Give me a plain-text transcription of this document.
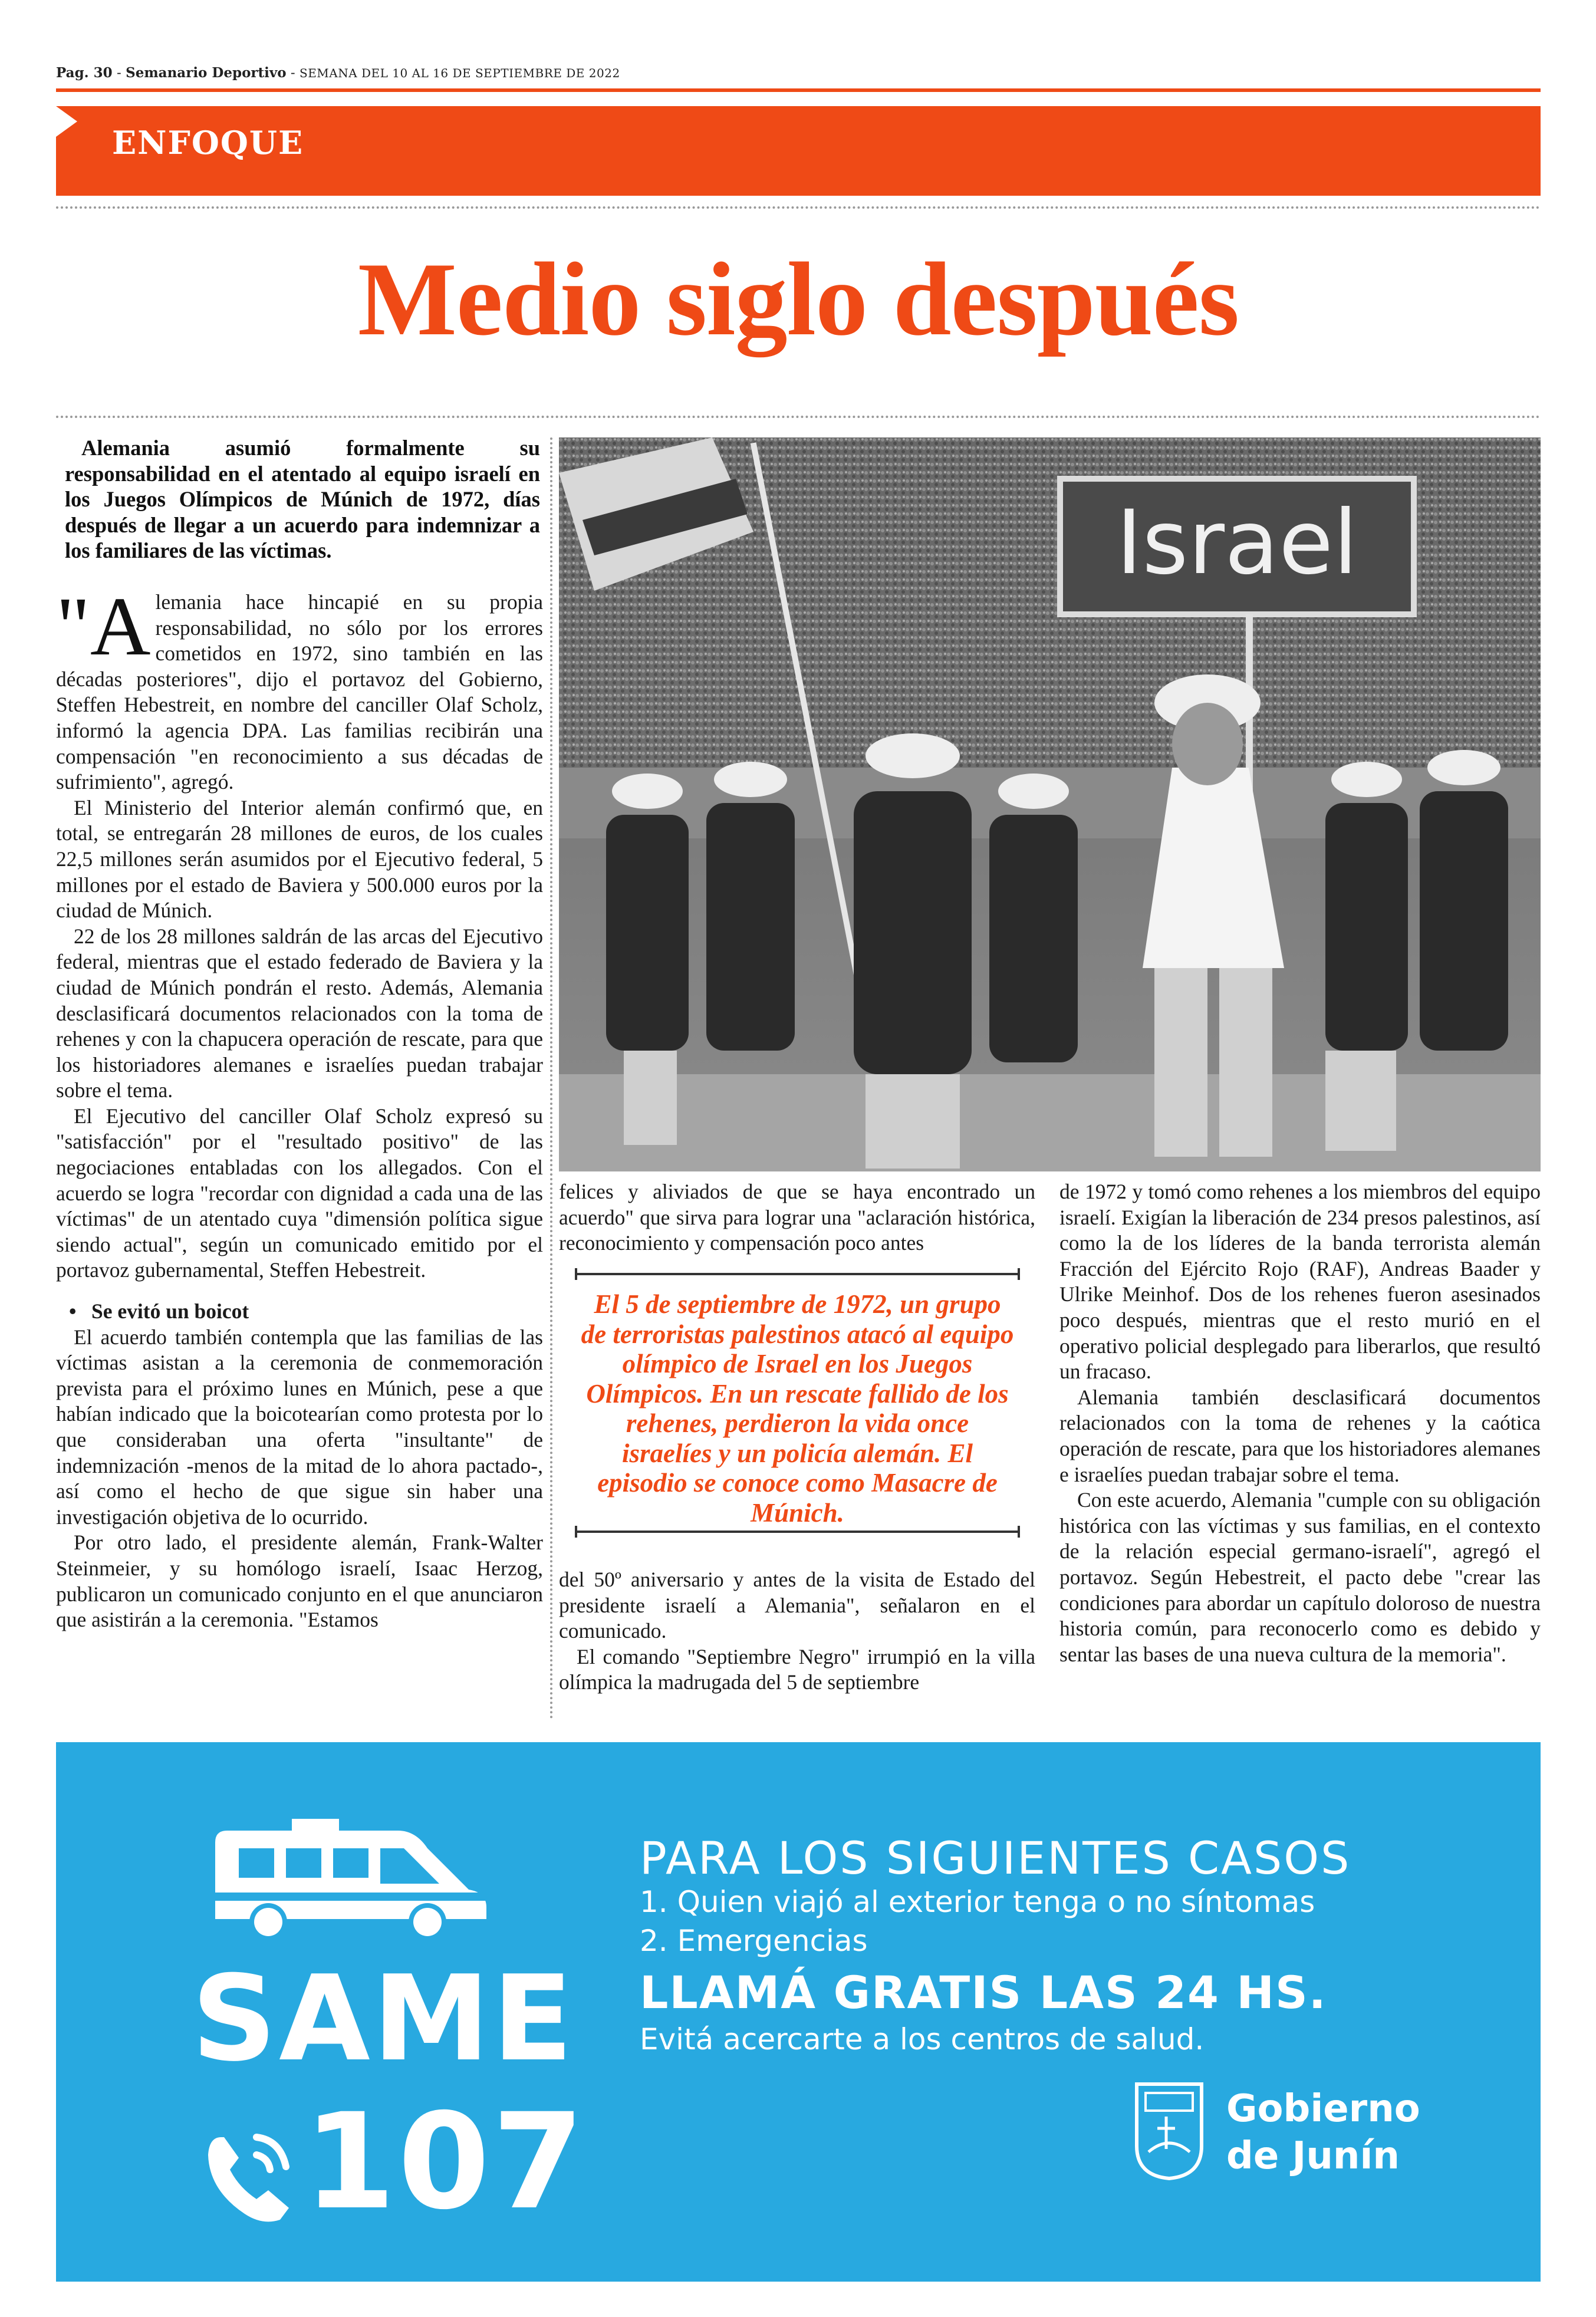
Pag. 30 - Semanario Deportivo - SEMANA DEL 10 AL 16 DE SEPTIEMBRE DE 2022
ENFOQUE
Medio siglo después

Alemania asumió formalmente su responsabilidad en el atentado al equipo israelí en los Juegos Olímpicos de Múnich de 1972, días después de llegar a un acuerdo para indemnizar a los familiares de las víctimas.

"Alemania hace hincapié en su propia responsabilidad, no sólo por los errores cometidos en 1972, sino también en las décadas posteriores", dijo el portavoz del Gobierno, Steffen Hebestreit, en nombre del canciller Olaf Scholz, informó la agencia DPA. Las familias recibirán una compensación "en reconocimiento a sus décadas de sufrimiento", agregó.

El Ministerio del Interior alemán confirmó que, en total, se entregarán 28 millones de euros, de los cuales 22,5 millones serán asumidos por el Ejecutivo federal, 5 millones por el estado de Baviera y 500.000 euros por la ciudad de Múnich.

22 de los 28 millones saldrán de las arcas del Ejecutivo federal, mientras que el estado federado de Baviera y la ciudad de Múnich pondrán el resto. Además, Alemania desclasificará documentos relacionados con la toma de rehenes y con la chapucera operación de rescate, para que los historiadores alemanes e israelíes puedan trabajar sobre el tema.

El Ejecutivo del canciller Olaf Scholz expresó su "satisfacción" por el "resultado positivo" de las negociaciones entabladas con los allegados. Con el acuerdo se logra "recordar con dignidad a cada una de las víctimas" de un atentado cuya "dimensión política sigue siendo actual", según un comunicado emitido por el portavoz gubernamental, Steffen Hebestreit.

• Se evitó un boicot

El acuerdo también contempla que las familias de las víctimas asistan a la ceremonia de conmemoración prevista para el próximo lunes en Múnich, pese a que habían indicado que la boicotearían como protesta por lo que consideraban una oferta "insultante" de indemnización -menos de la mitad de lo ahora pactado-, así como el hecho de que sigue sin haber una investigación objetiva de lo ocurrido.

Por otro lado, el presidente alemán, Frank-Walter Steinmeier, y su homólogo israelí, Isaac Herzog, publicaron un comunicado conjunto en el que anunciaron que asistirán a la ceremonia. "Estamos

Israel

felices y aliviados de que se haya encontrado un acuerdo" que sirva para lograr una "aclaración histórica, reconocimiento y compensación poco antes

El 5 de septiembre de 1972, un grupo de terroristas palestinos atacó al equipo olímpico de Israel en los Juegos Olímpicos. En un rescate fallido de los rehenes, perdieron la vida once israelíes y un policía alemán. El episodio se conoce como Masacre de Múnich.

del 50º aniversario y antes de la visita de Estado del presidente israelí a Alemania", señalaron en el comunicado.

El comando "Septiembre Negro" irrumpió en la villa olímpica la madrugada del 5 de septiembre

de 1972 y tomó como rehenes a los miembros del equipo israelí. Exigían la liberación de 234 presos palestinos, así como la de los líderes de la banda terrorista alemán Fracción del Ejército Rojo (RAF), Andreas Baader y Ulrike Meinhof. Dos de los rehenes fueron asesinados poco después, mientras que el resto murió en el operativo policial desplegado para liberarlos, que resultó un fracaso.

Alemania también desclasificará documentos relacionados con la toma de rehenes y la caótica operación de rescate, para que los historiadores alemanes e israelíes puedan trabajar sobre el tema.

Con este acuerdo, Alemania "cumple con su obligación histórica con las víctimas y sus familias, en el contexto de la relación especial germano-israelí", agregó el portavoz. Según Hebestreit, el pacto debe "crear las condiciones para abordar un capítulo doloroso de nuestra historia común, para reconocerlo como es debido y sentar las bases de una nueva cultura de la memoria".

SAME
107
PARA LOS SIGUIENTES CASOS
1. Quien viajó al exterior tenga o no síntomas
2. Emergencias
LLAMÁ GRATIS LAS 24 HS.
Evitá acercarte a los centros de salud.
Gobierno
de Junín
